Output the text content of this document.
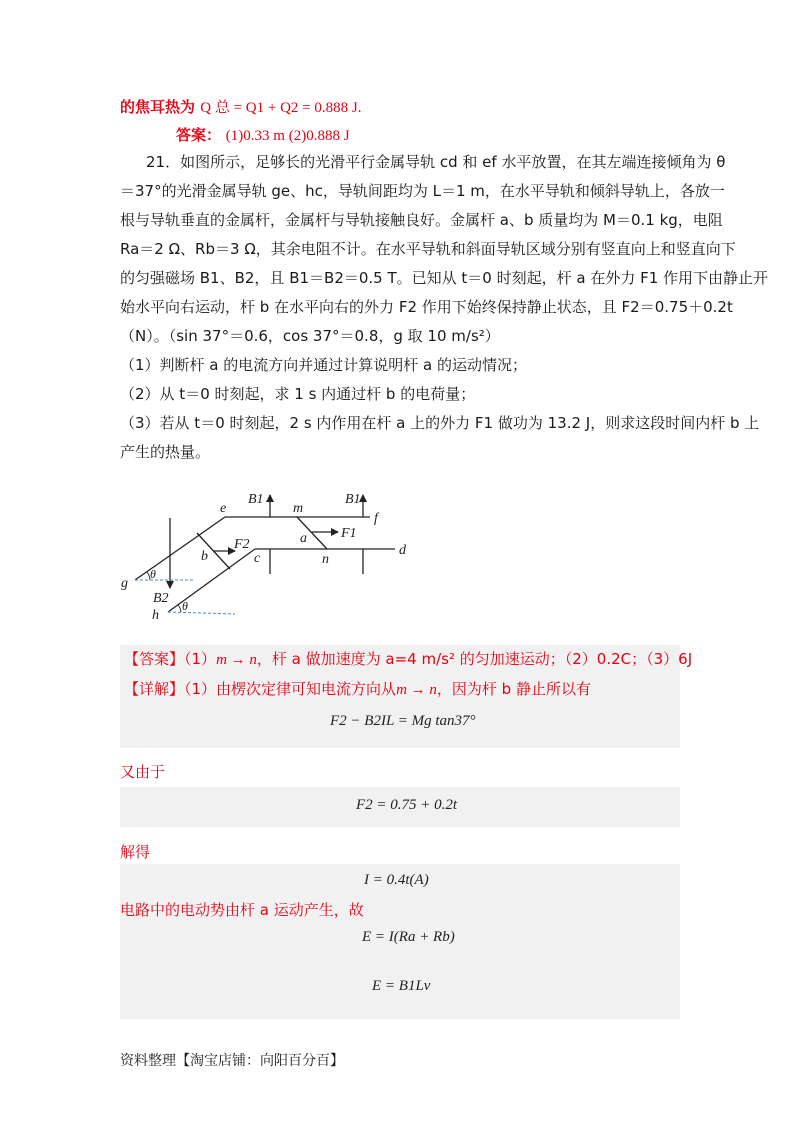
的焦耳热为 Q 总 = Q1 + Q2 = 0.888 J.
答案： (1)0.33 m (2)0.888 J
21．如图所示，足够长的光滑平行金属导轨 cd 和 ef 水平放置，在其左端连接倾角为 θ
＝37°的光滑金属导轨 ge、hc，导轨间距均为 L＝1 m，在水平导轨和倾斜导轨上，各放一
根与导轨垂直的金属杆，金属杆与导轨接触良好。金属杆 a、b 质量均为 M＝0.1 kg，电阻
Ra＝2 Ω、Rb＝3 Ω，其余电阻不计。在水平导轨和斜面导轨区域分别有竖直向上和竖直向下
的匀强磁场 B1、B2，且 B1＝B2＝0.5 T。已知从 t＝0 时刻起，杆 a 在外力 F1 作用下由静止开
始水平向右运动，杆 b 在水平向右的外力 F2 作用下始终保持静止状态，且 F2＝0.75＋0.2t
（N）。（sin 37°＝0.6，cos 37°＝0.8，g 取 10 m/s²）
（1）判断杆 a 的电流方向并通过计算说明杆 a 的运动情况；
（2）从 t＝0 时刻起，求 1 s 内通过杆 b 的电荷量；
（3）若从 t＝0 时刻起，2 s 内作用在杆 a 上的外力 F1 做功为 13.2 J，则求这段时间内杆 b 上
产生的热量。
e	m
f
a
b	c	n
d
g
h
B1	B1
B2
F1
F2
θ
θ
【答案】（1）m → n，杆 a 做加速度为 a=4 m/s² 的匀加速运动；（2）0.2C；（3）6J
【详解】（1）由楞次定律可知电流方向从m → n，因为杆 b 静止所以有
F2 − B2IL = Mg tan37°
又由于
F2 = 0.75 + 0.2t
解得
I = 0.4t(A)
电路中的电动势由杆 a 运动产生，故
E = I(Ra + Rb)
E = B1Lv
资料整理【淘宝店铺：向阳百分百】
